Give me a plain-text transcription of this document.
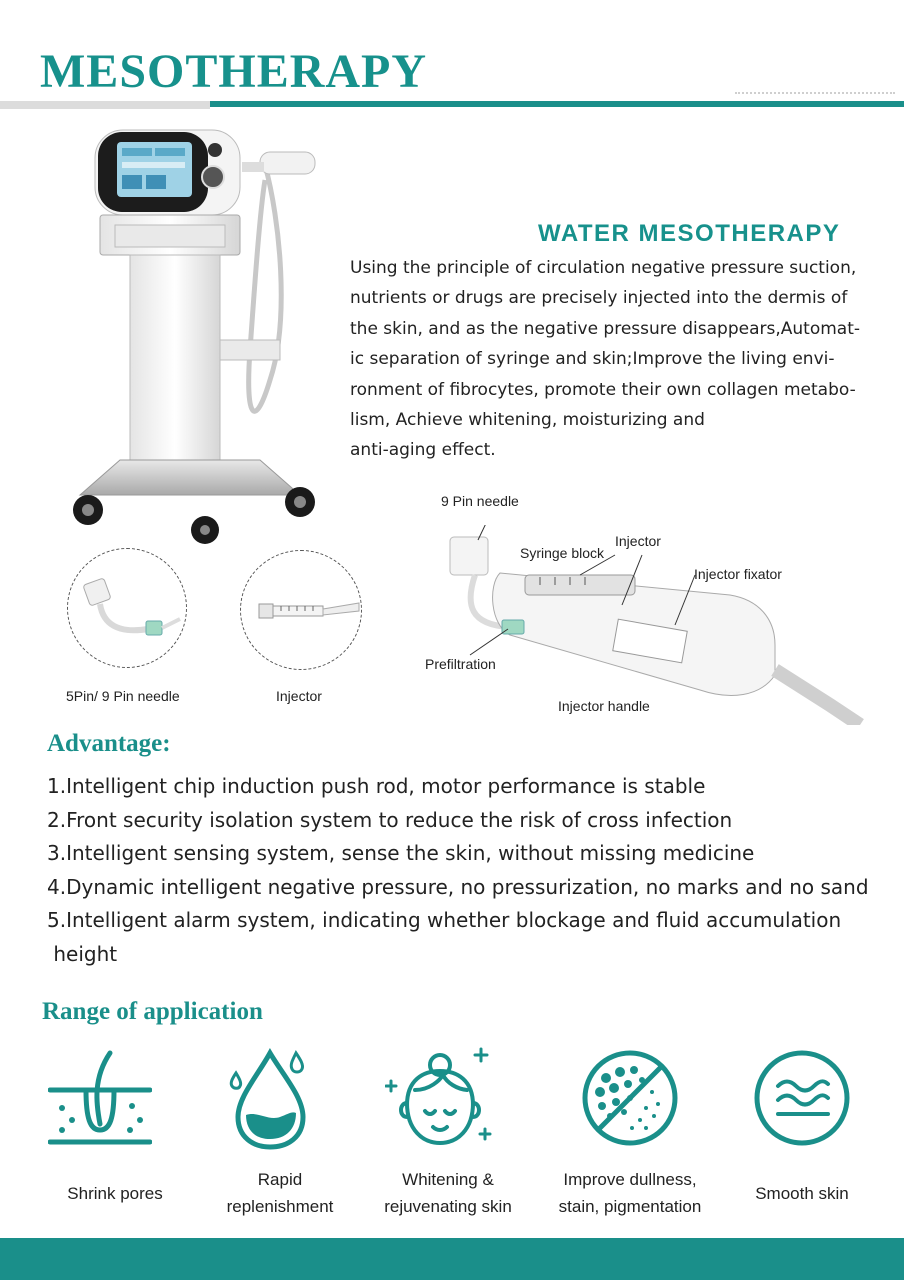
MESOTHERAPY
WATER MESOTHERAPY
Using the principle of circulation negative pressure suction,
nutrients or drugs are precisely injected into the dermis of
the skin, and as the negative pressure disappears,Automat-
ic separation of syringe and skin;Improve the living envi-
ronment of fibrocytes, promote their own collagen metabo-
lism, Achieve whitening, moisturizing and
anti-aging effect.
5Pin/ 9 Pin needle	Injector
9 Pin needle
Syringe block
Injector
Injector fixator
Prefiltration
Injector handle
Advantage:
1.Intelligent chip induction push rod, motor performance is stable
2.Front security isolation system to reduce the risk of cross infection
3.Intelligent sensing system, sense the skin, without missing medicine
4.Dynamic intelligent negative pressure, no pressurization, no marks and no sand
5.Intelligent alarm system, indicating whether blockage and fluid accumulation
height
Range of application

Shrink pores
Rapid
replenishment
Whitening &
rejuvenating skin
Improve dullness,
stain, pigmentation

Smooth skin
